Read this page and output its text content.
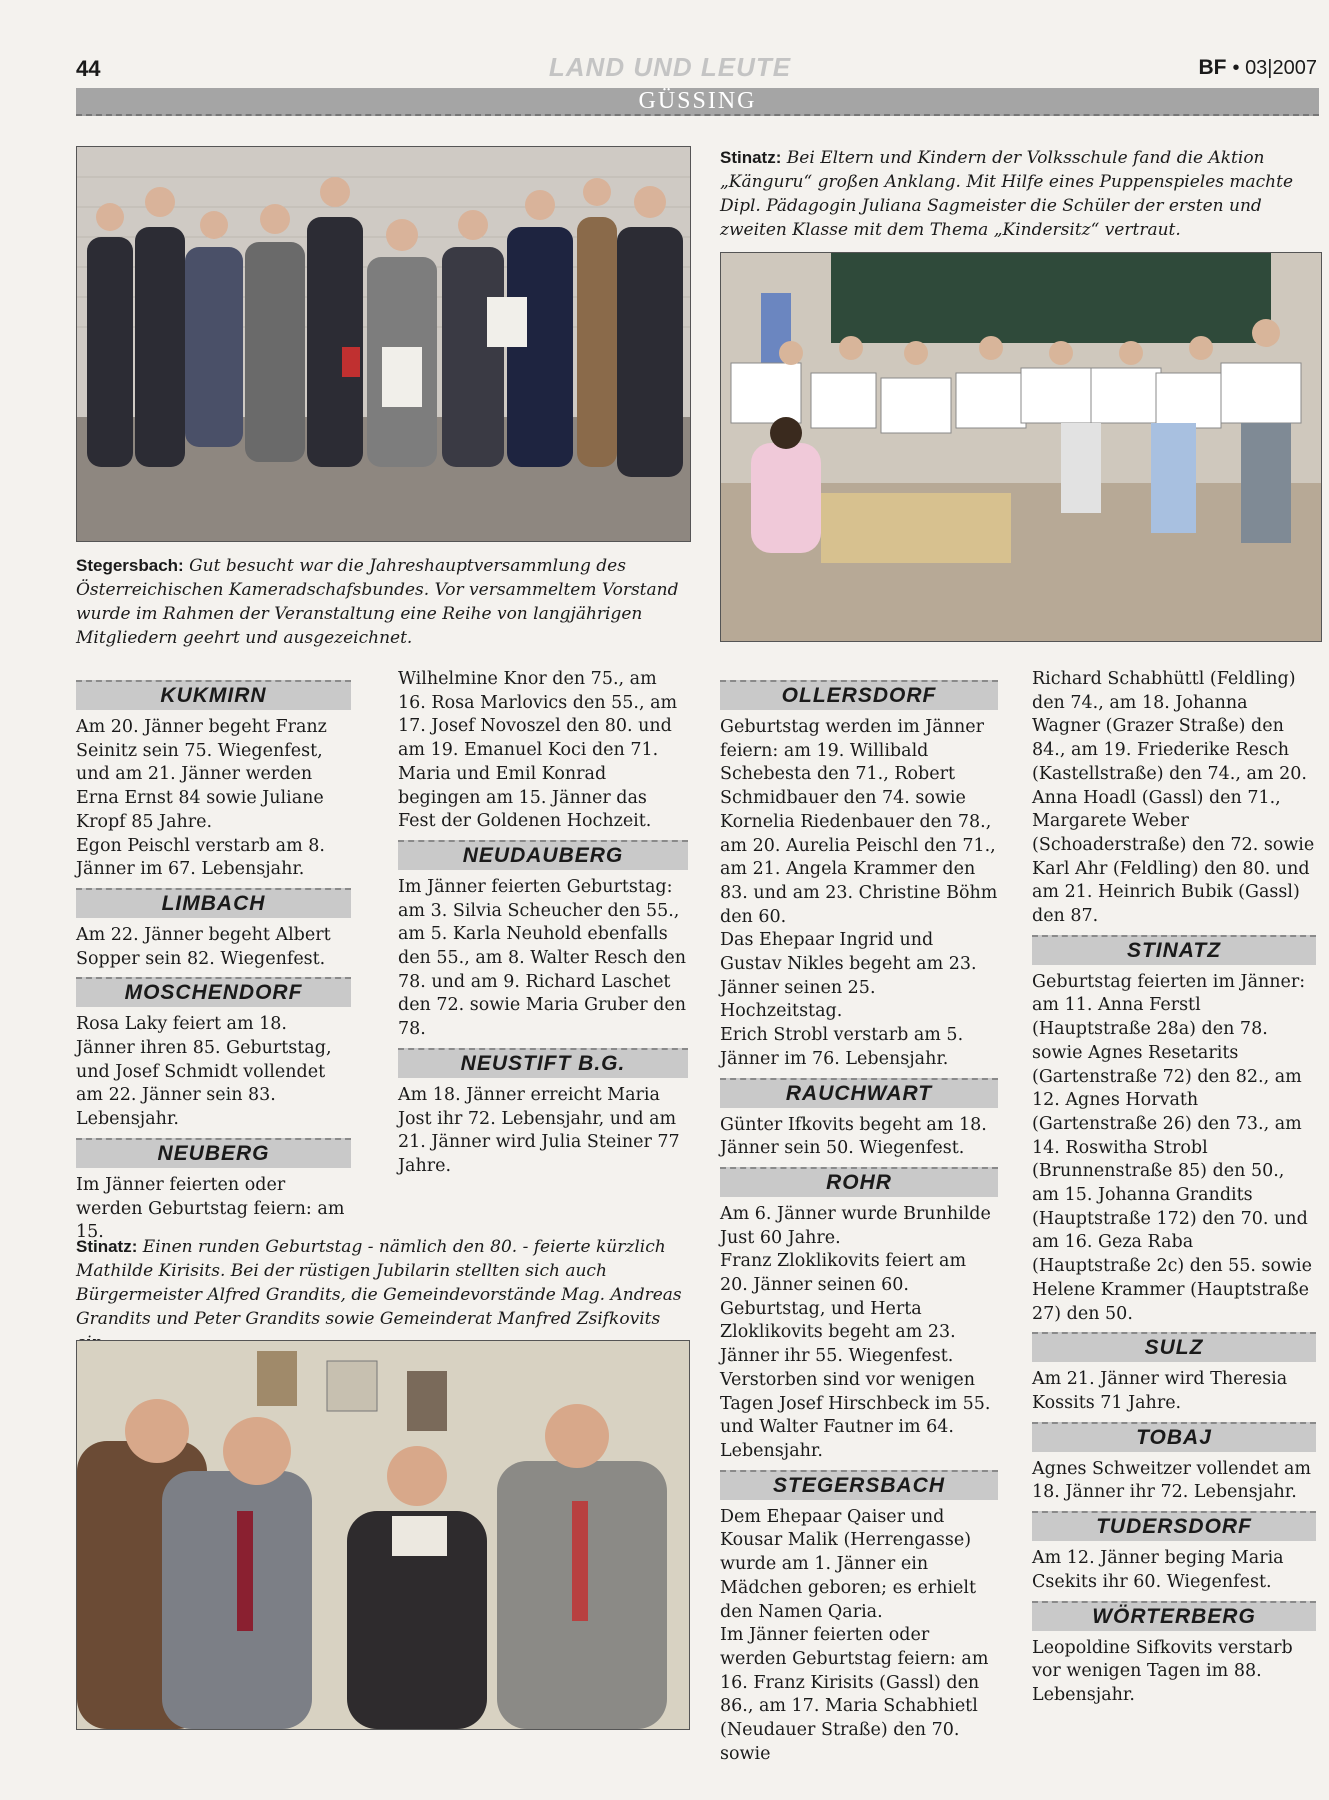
44	LAND UND LEUTE	BF • 03|2007
GÜSSING
Stegersbach: Gut besucht war die Jahreshauptversammlung des Österreichischen Kameradschafsbundes. Vor versammeltem Vorstand wurde im Rahmen der Veranstaltung eine Reihe von langjährigen Mitgliedern geehrt und ausgezeichnet.
Stinatz: Bei Eltern und Kindern der Volksschule fand die Aktion „Känguru“ großen Anklang. Mit Hilfe eines Puppenspieles machte Dipl. Pädagogin Juliana Sagmeister die Schüler der ersten und zweiten Klasse mit dem Thema „Kindersitz“ vertraut.
KUKMIRN
Am 20. Jänner begeht Franz Seinitz sein 75. Wiegenfest, und am 21. Jänner werden Erna Ernst 84 sowie Juliane Kropf 85 Jahre.
Egon Peischl verstarb am 8. Jänner im 67. Lebensjahr.
LIMBACH
Am 22. Jänner begeht Albert Sopper sein 82. Wiegenfest.
MOSCHENDORF
Rosa Laky feiert am 18. Jänner ihren 85. Geburtstag, und Josef Schmidt vollendet am 22. Jänner sein 83. Lebensjahr.
NEUBERG
Im Jänner feierten oder werden Geburtstag feiern: am 15.
Wilhelmine Knor den 75., am 16. Rosa Marlovics den 55., am 17. Josef Novoszel den 80. und am 19. Emanuel Koci den 71.
Maria und Emil Konrad begingen am 15. Jänner das Fest der Goldenen Hochzeit.
NEUDAUBERG
Im Jänner feierten Geburtstag: am 3. Silvia Scheucher den 55., am 5. Karla Neuhold ebenfalls den 55., am 8. Walter Resch den 78. und am 9. Richard Laschet den 72. sowie Maria Gruber den 78.
NEUSTIFT B.G.
Am 18. Jänner erreicht Maria Jost ihr 72. Lebensjahr, und am 21. Jänner wird Julia Steiner 77 Jahre.
Stinatz: Einen runden Geburtstag - nämlich den 80. - feierte kürzlich Mathilde Kirisits. Bei der rüstigen Jubilarin stellten sich auch Bürgermeister Alfred Grandits, die Gemeindevorstände Mag. Andreas Grandits und Peter Grandits sowie Gemeinderat Manfred Zsifkovits
OLLERSDORF
Geburtstag werden im Jänner feiern: am 19. Willibald Schebesta den 71., Robert Schmidbauer den 74. sowie Kornelia Riedenbauer den 78., am 20. Aurelia Peischl den 71., am 21. Angela Krammer den 83. und am 23. Christine Böhm den 60.
Das Ehepaar Ingrid und Gustav Nikles begeht am 23. Jänner seinen 25. Hochzeitstag.
Erich Strobl verstarb am 5. Jänner im 76. Lebensjahr.
RAUCHWART
Günter Ifkovits begeht am 18. Jänner sein 50. Wiegenfest.
ROHR
Am 6. Jänner wurde Brunhilde Just 60 Jahre.
Franz Zloklikovits feiert am 20. Jänner seinen 60. Geburtstag, und Herta Zloklikovits begeht am 23. Jänner ihr 55. Wiegenfest.
Verstorben sind vor wenigen Tagen Josef Hirschbeck im 55. und Walter Fautner im 64. Lebensjahr.
STEGERSBACH
Dem Ehepaar Qaiser und Kousar Malik (Herrengasse) wurde am 1. Jänner ein Mädchen geboren; es erhielt den Namen Qaria.
Im Jänner feierten oder werden Geburtstag feiern: am 16. Franz Kirisits (Gassl) den 86., am 17. Maria Schabhietl (Neudauer Straße) den 70. sowie
Richard Schabhüttl (Feldling) den 74., am 18. Johanna Wagner (Grazer Straße) den 84., am 19. Friederike Resch (Kastellstraße) den 74., am 20. Anna Hoadl (Gassl) den 71., Margarete Weber (Schoaderstraße) den 72. sowie Karl Ahr (Feldling) den 80. und am 21. Heinrich Bubik (Gassl) den 87.
STINATZ
Geburtstag feierten im Jänner: am 11. Anna Ferstl (Hauptstraße 28a) den 78. sowie Agnes Resetarits (Gartenstraße 72) den 82., am 12. Agnes Horvath (Gartenstraße 26) den 73., am 14. Roswitha Strobl (Brunnenstraße 85) den 50., am 15. Johanna Grandits (Hauptstraße 172) den 70. und am 16. Geza Raba (Hauptstraße 2c) den 55. sowie Helene Krammer (Hauptstraße 27) den 50.
SULZ
Am 21. Jänner wird Theresia Kossits 71 Jahre.
TOBAJ
Agnes Schweitzer vollendet am 18. Jänner ihr 72. Lebensjahr.
TUDERSDORF
Am 12. Jänner beging Maria Csekits ihr 60. Wiegenfest.
WÖRTERBERG
Leopoldine Sifkovits verstarb vor wenigen Tagen im 88. Lebensjahr.
